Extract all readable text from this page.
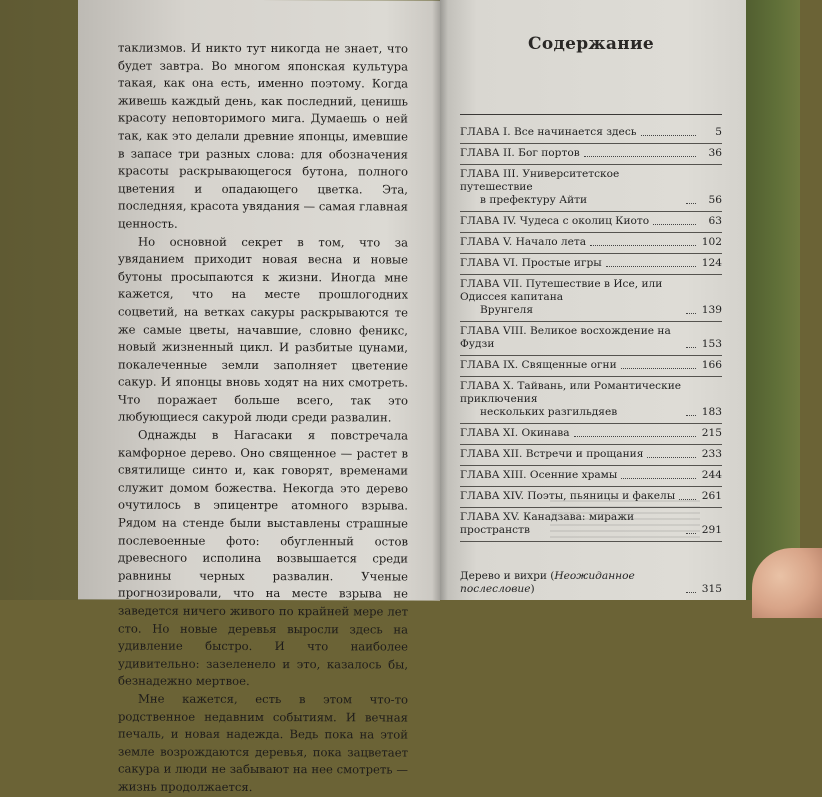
таклизмов. И никто тут никогда не знает, что будет завтра. Во многом японская культура такая, как она есть, именно поэтому. Когда живешь каждый день, как последний, ценишь красоту неповторимого мига. Думаешь о ней так, как это делали древние японцы, имевшие в запасе три разных слова: для обозначения красоты раскрывающегося бутона, полного цветения и опадающего цветка. Эта, последняя, красота увядания — самая главная ценность.

Но основной секрет в том, что за увяданием приходит новая весна и новые бутоны просыпаются к жизни. Иногда мне кажется, что на месте прошлогодних соцветий, на ветках сакуры раскрываются те же самые цветы, начавшие, словно феникс, новый жизненный цикл. И разбитые цунами, покалеченные земли заполняет цветение сакур. И японцы вновь ходят на них смотреть. Что поражает больше всего, так это любующиеся сакурой люди среди развалин.

Однажды в Нагасаки я повстречала камфорное дерево. Оно священное — растет в святилище синто и, как говорят, временами служит домом божества. Некогда это дерево очутилось в эпицентре атомного взрыва. Рядом на стенде были выставлены страшные послевоенные фото: обугленный остов древесного исполина возвышается среди равнины черных развалин. Ученые прогнозировали, что на месте взрыва не заведется ничего живого по крайней мере лет сто. Но новые деревья выросли здесь на удивление быстро. И что наиболее удивительно: зазеленело и это, казалось бы, безнадежно мертвое.

Мне кажется, есть в этом что-то родственное недавним событиям. И вечная печаль, и новая надежда. Ведь пока на этой земле возрождаются деревья, пока зацветает сакура и люди не забывают на нее смотреть — жизнь продолжается.

Содержание
ГЛАВА I. Все начинается здесь	5
ГЛАВА II. Бог портов	36
ГЛАВА III. Университетское путешествие
в префектуру Айти	56
ГЛАВА IV. Чудеса с околиц Киото	63
ГЛАВА V. Начало лета	102
ГЛАВА VI. Простые игры	124
ГЛАВА VII. Путешествие в Исе, или Одиссея капитана
Врунгеля	139
ГЛАВА VIII. Великое восхождение на Фудзи	153
ГЛАВА IX. Священные огни	166
ГЛАВА X. Тайвань, или Романтические приключения
нескольких разгильдяев	183
ГЛАВА XI. Окинава	215
ГЛАВА XII. Встречи и прощания	233
ГЛАВА XIII. Осенние храмы	244
ГЛАВА XIV. Поэты, пьяницы и факелы	261
ГЛАВА XV. Канадзава: миражи пространств	291
Дерево и вихри (Неожиданное послесловие)	315
